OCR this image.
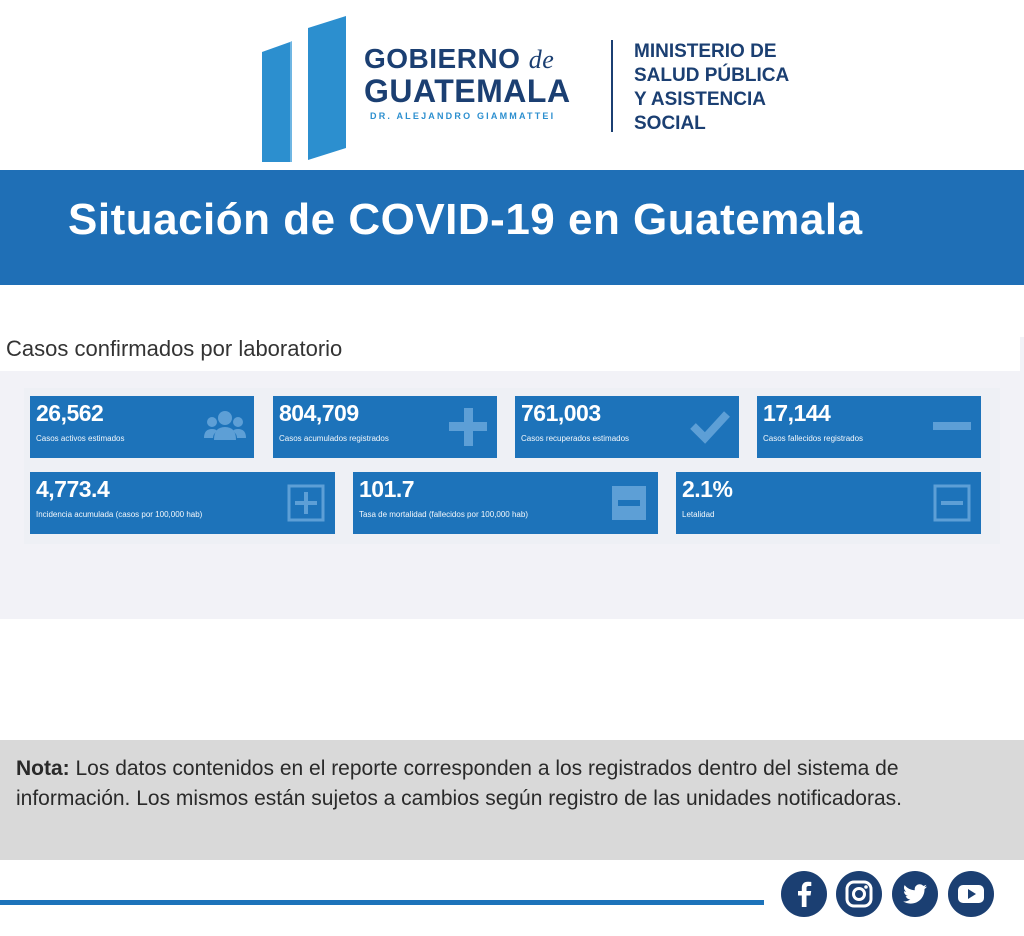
GOBIERNO de
GUATEMALA
DR. ALEJANDRO GIAMMATTEI
MINISTERIO DE
SALUD PÚBLICA
Y ASISTENCIA
SOCIAL
Situación de COVID-19 en Guatemala
Casos confirmados por laboratorio
26,562
Casos activos estimados
804,709
Casos acumulados registrados
761,003
Casos recuperados estimados
17,144
Casos fallecidos registrados
4,773.4
Incidencia acumulada (casos por 100,000 hab)
101.7
Tasa de mortalidad (fallecidos por 100,000 hab)
2.1%
Letalidad
Nota: Los datos contenidos en el reporte corresponden a los registrados dentro del sistema de información. Los mismos están sujetos a cambios según registro de las unidades notificadoras.
